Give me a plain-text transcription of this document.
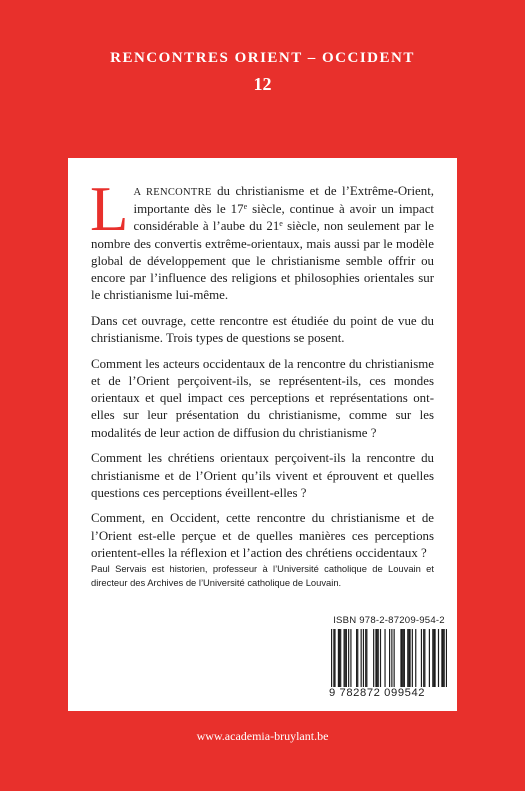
RENCONTRES ORIENT – OCCIDENT
12

L A RENCONTRE du christianisme et de l’Extrême-Orient, importante dès le 17e siècle, continue à avoir un impact considérable à l’aube du 21e siècle, non seulement par le nombre des convertis extrême-orientaux, mais aussi par le modèle global de développement que le christianisme semble offrir ou encore par l’influence des religions et philosophies orientales sur le christianisme lui-même.

Dans cet ouvrage, cette rencontre est étudiée du point de vue du christianisme. Trois types de questions se posent.

Comment les acteurs occidentaux de la rencontre du christianisme et de l’Orient perçoivent-ils, se représentent-ils, ces mondes orientaux et quel impact ces perceptions et représentations ont-elles sur leur présentation du christianisme, comme sur les modalités de leur action de diffusion du christianisme ?

Comment les chrétiens orientaux perçoivent-ils la rencontre du christianisme et de l’Orient qu’ils vivent et éprouvent et quelles questions ces perceptions éveillent-elles ?

Comment, en Occident, cette rencontre du christianisme et de l’Orient est-elle perçue et de quelles manières ces perceptions orientent-elles la réflexion et l’action des chrétiens occidentaux ?

Paul Servais est historien, professeur à l’Université catholique de Louvain et directeur des Archives de l’Université catholique de Louvain.
ISBN 978-2-87209-954-2
9 782872 099542
www.academia-bruylant.be
